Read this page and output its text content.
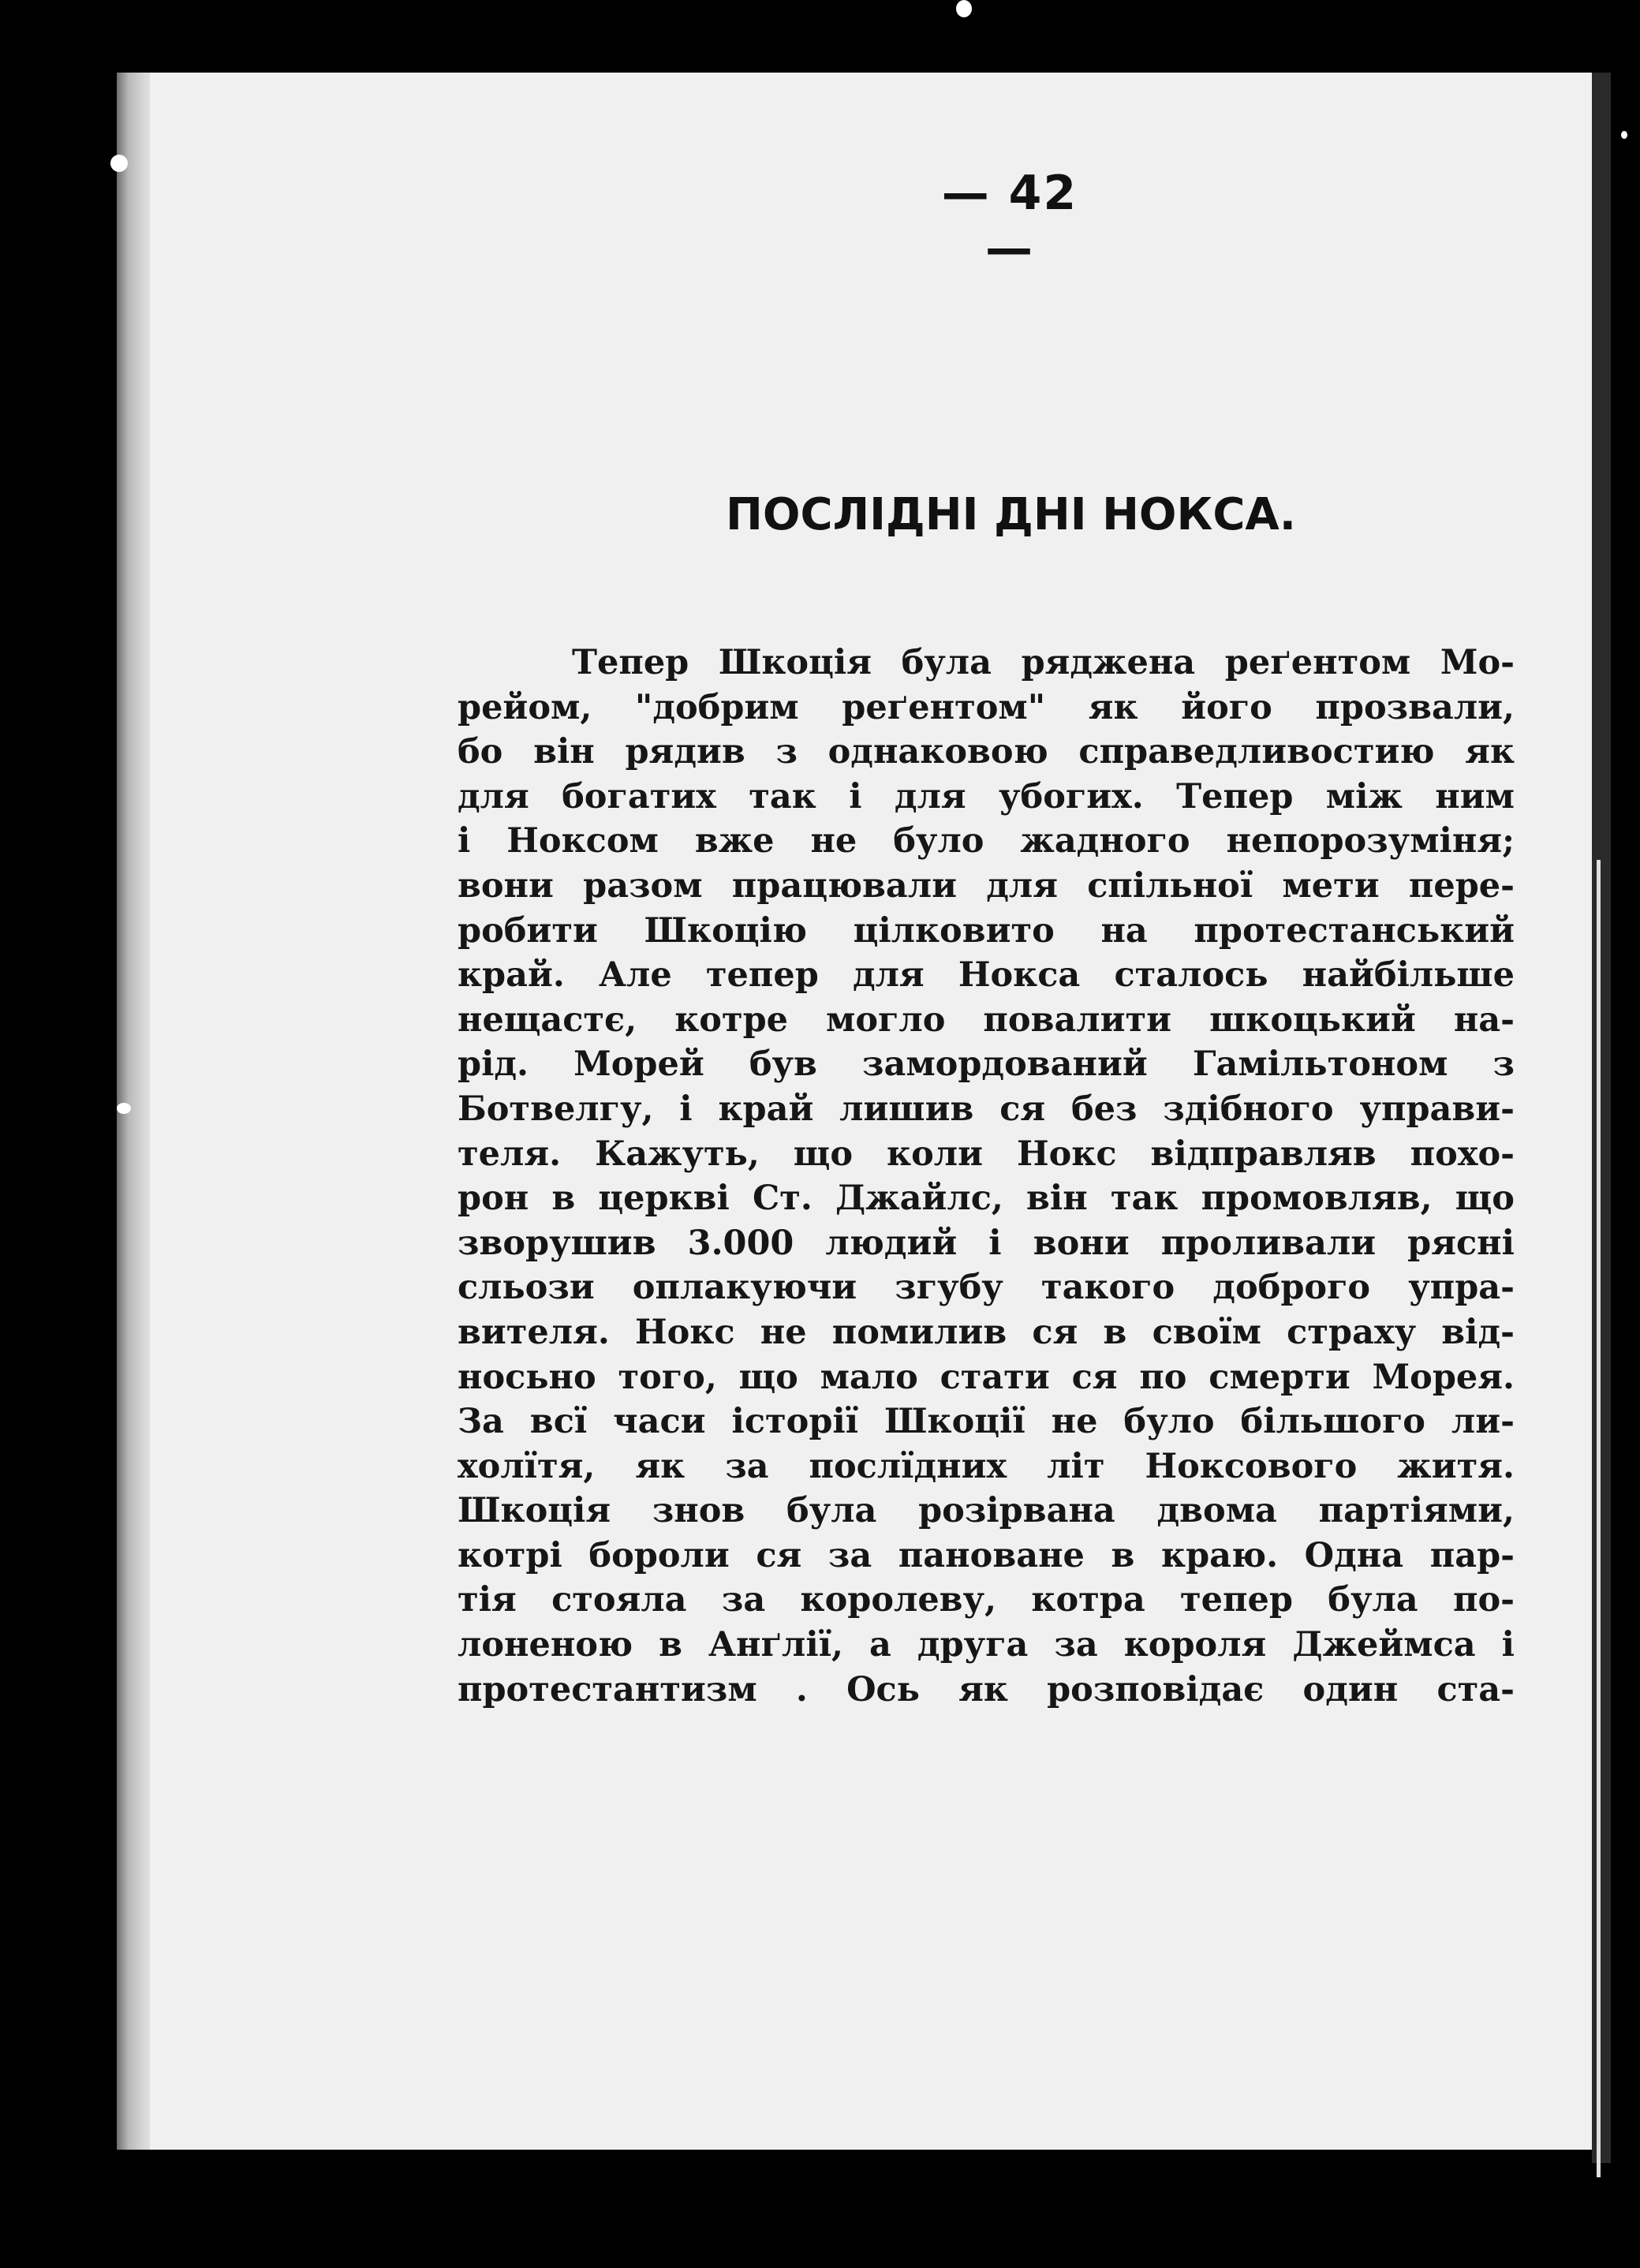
— 42 —
ПОСЛІДНІ ДНІ НОКСА.
Тепер Шкоція була ряджена реґентом Мо-
рейом, "добрим реґентом" як його прозвали,
бо він рядив з однаковою справедливостию як
для богатих так і для убогих. Тепер між ним
і Ноксом вже не було жадного непорозуміня;
вони разом працювали для спільної мети пере-
робити Шкоцію цілковито на протестанський
край. Але тепер для Нокса сталось найбільше
нещастє, котре могло повалити шкоцький на-
рід. Морей був замордований Гамільтоном з
Ботвелгу, і край лишив ся без здібного управи-
теля. Кажуть, що коли Нокс відправляв похо-
рон в церкві Ст. Джайлс, він так промовляв, що
зворушив 3.000 людий і вони проливали рясні
сльози оплакуючи згубу такого доброго упра-
вителя. Нокс не помилив ся в своїм страху від-
носьно того, що мало стати ся по смерти Морея.
За всї часи історії Шкоції не було більшого ли-
холїтя, як за послїдних літ Ноксового житя.
Шкоція знов була розірвана двома партіями,
котрі бороли ся за пановане в краю. Одна пар-
тія стояла за королеву, котра тепер була по-
лоненою в Анґлії, а друга за короля Джеймса і
протестантизм . Ось як розповідає один ста-
